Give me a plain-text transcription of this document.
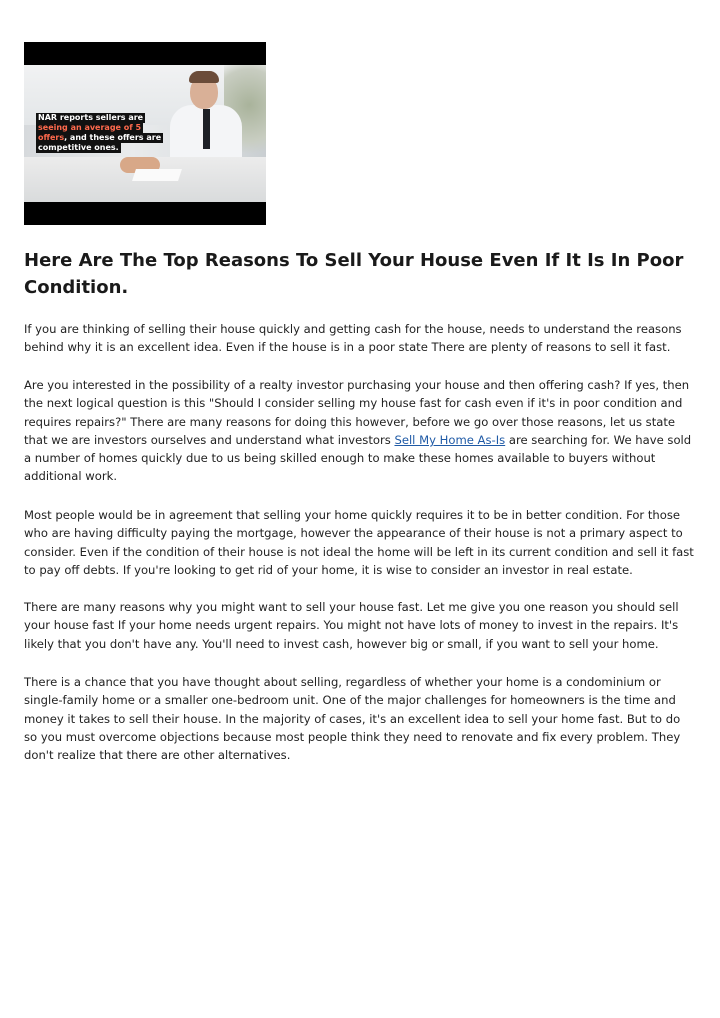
NAR reports sellers are
seeing an average of 5
offers, and these offers are
competitive ones.
Here Are The Top Reasons To Sell Your House Even If It Is In Poor Condition.

If you are thinking of selling their house quickly and getting cash for the house, needs to understand the reasons behind why it is an excellent idea. Even if the house is in a poor state There are plenty of reasons to sell it fast.

Are you interested in the possibility of a realty investor purchasing your house and then offering cash? If yes, then the next logical question is this "Should I consider selling my house fast for cash even if it's in poor condition and requires repairs?" There are many reasons for doing this however, before we go over those reasons, let us state that we are investors ourselves and understand what investors Sell My Home As-Is are searching for. We have sold a number of homes quickly due to us being skilled enough to make these homes available to buyers without additional work.

Most people would be in agreement that selling your home quickly requires it to be in better condition. For those who are having difficulty paying the mortgage, however the appearance of their house is not a primary aspect to consider. Even if the condition of their house is not ideal the home will be left in its current condition and sell it fast to pay off debts. If you're looking to get rid of your home, it is wise to consider an investor in real estate.

There are many reasons why you might want to sell your house fast. Let me give you one reason you should sell your house fast If your home needs urgent repairs. You might not have lots of money to invest in the repairs. It's likely that you don't have any. You'll need to invest cash, however big or small, if you want to sell your home.

There is a chance that you have thought about selling, regardless of whether your home is a condominium or single-family home or a smaller one-bedroom unit. One of the major challenges for homeowners is the time and money it takes to sell their house. In the majority of cases, it's an excellent idea to sell your home fast. But to do so you must overcome objections because most people think they need to renovate and fix every problem. They don't realize that there are other alternatives.
